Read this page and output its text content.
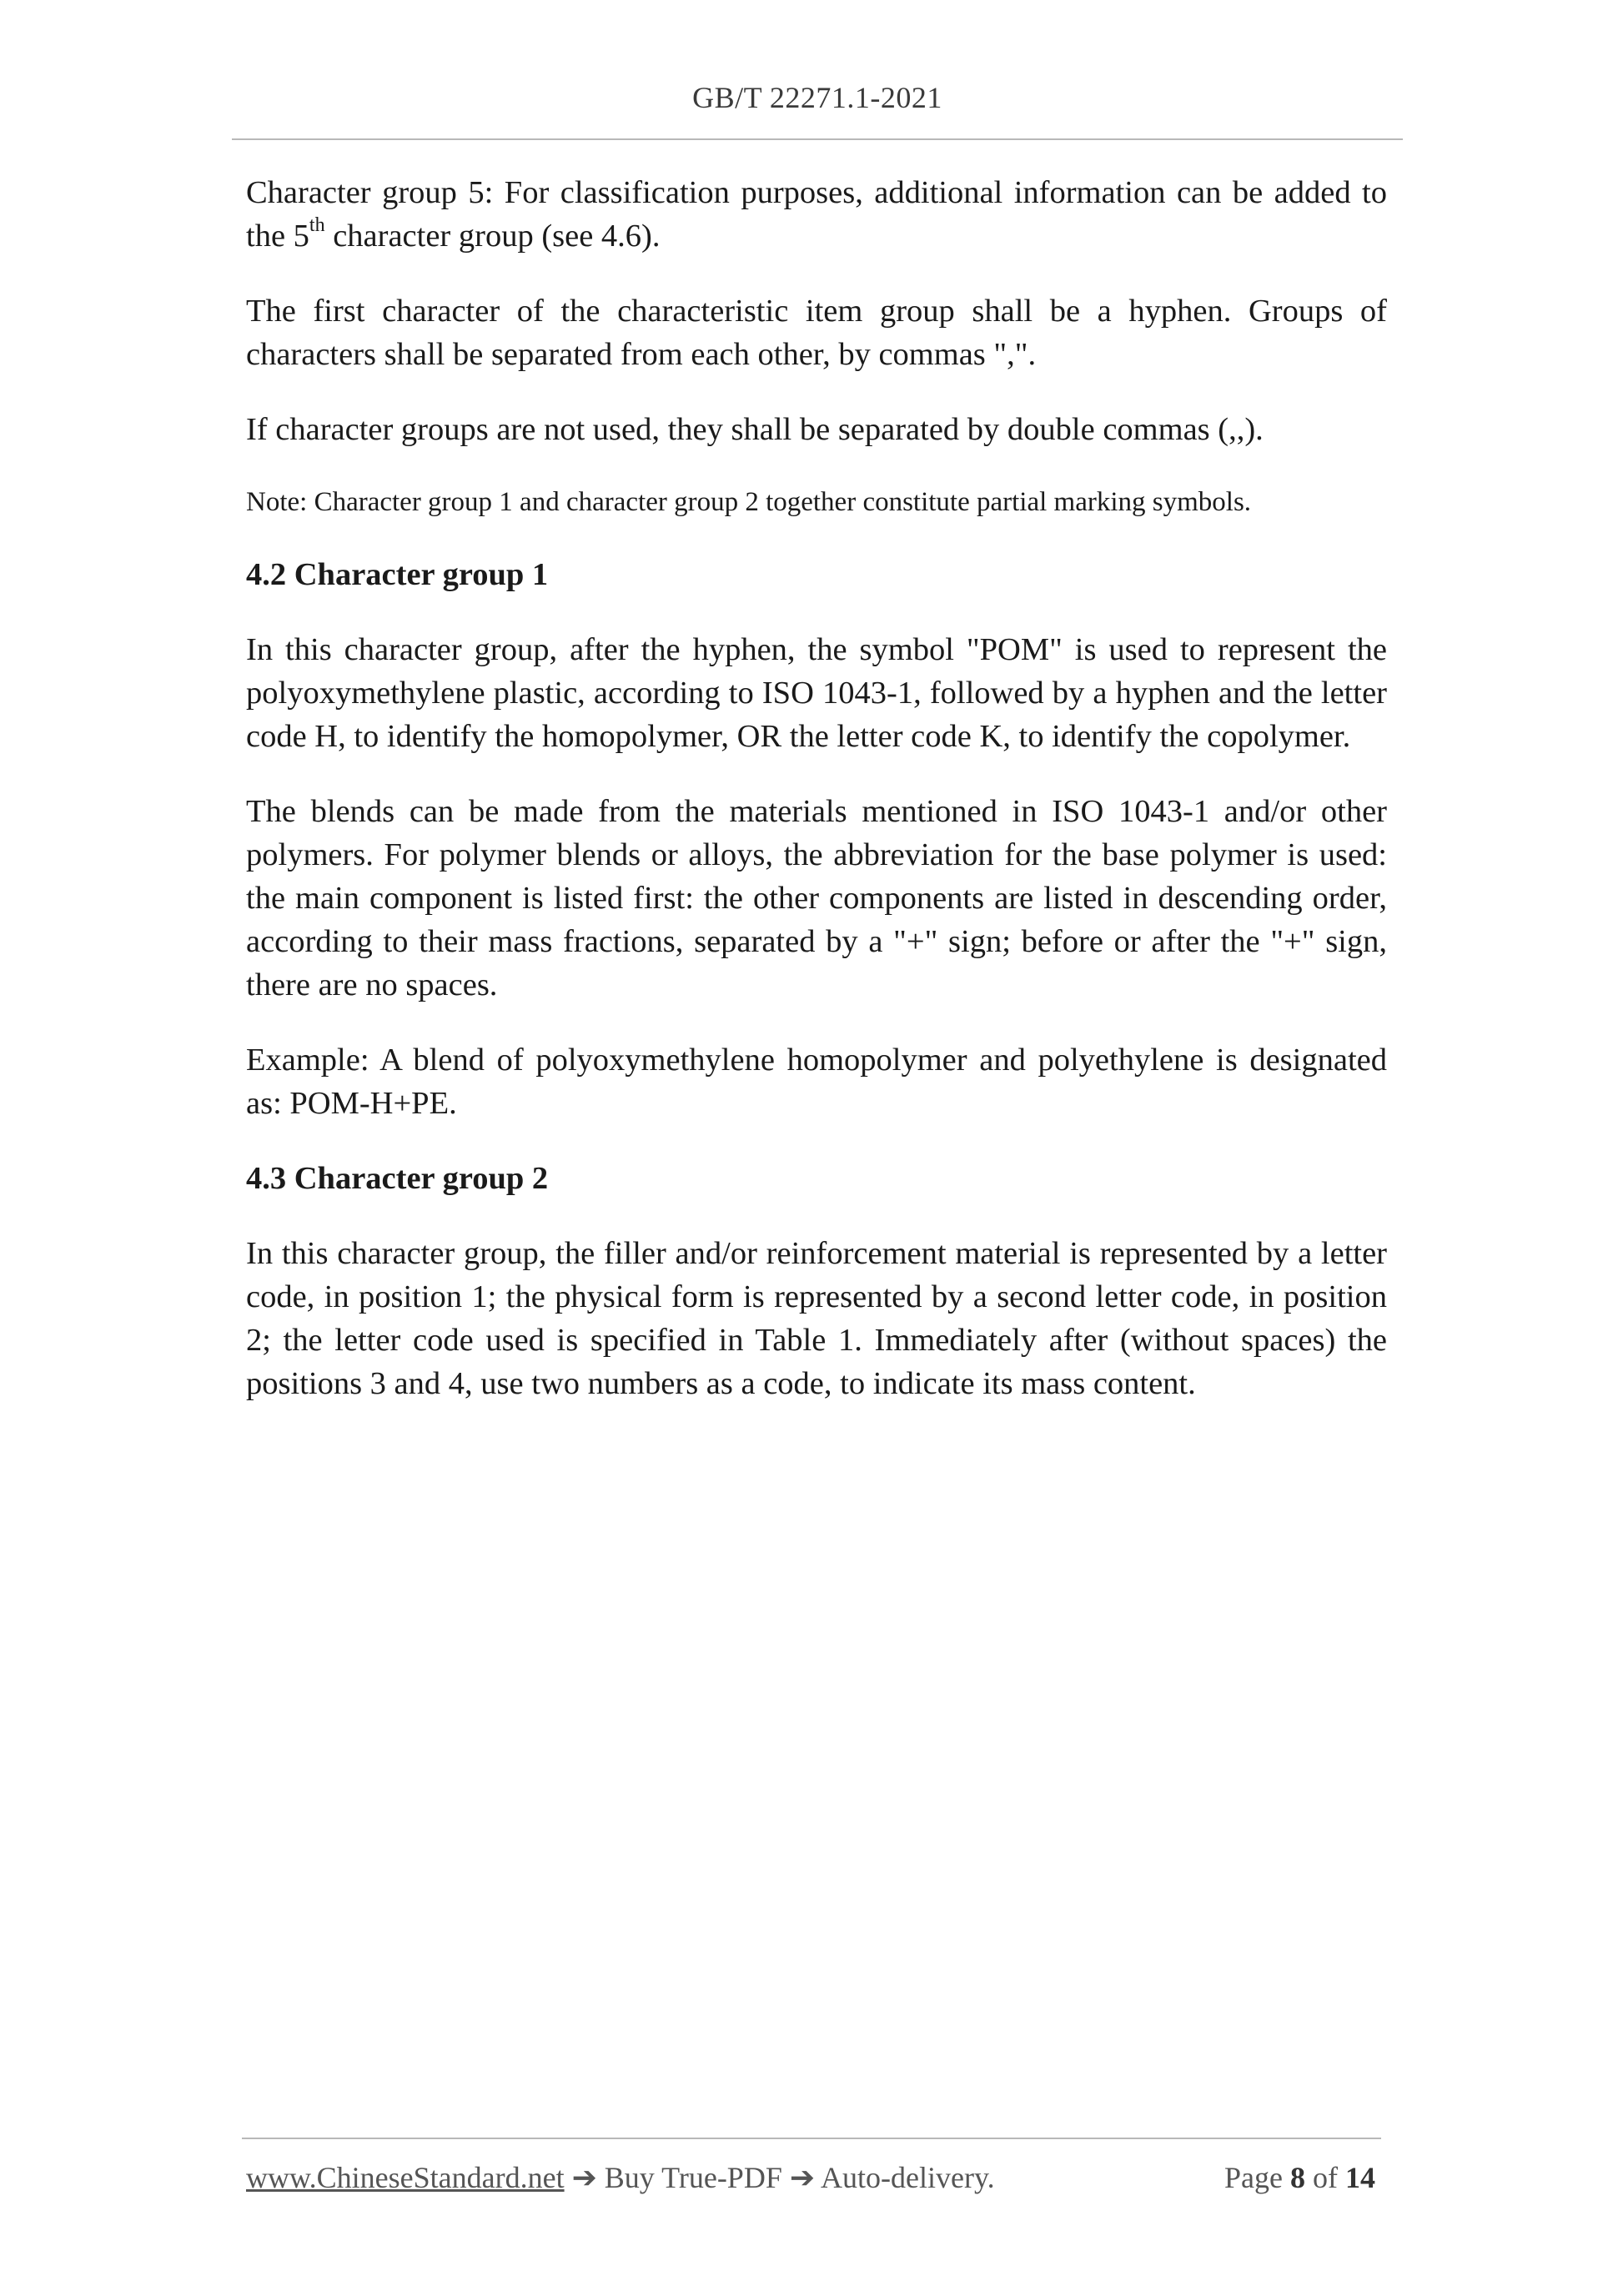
GB/T 22271.1-2021

Character group 5: For classification purposes, additional information can be added to the 5th character group (see 4.6).

The first character of the characteristic item group shall be a hyphen. Groups of characters shall be separated from each other, by commas ",".

If character groups are not used, they shall be separated by double commas (,,).

Note: Character group 1 and character group 2 together constitute partial marking symbols.

4.2 Character group 1

In this character group, after the hyphen, the symbol "POM" is used to represent the polyoxymethylene plastic, according to ISO 1043-1, followed by a hyphen and the letter code H, to identify the homopolymer, OR the letter code K, to identify the copolymer.

The blends can be made from the materials mentioned in ISO 1043-1 and/or other polymers. For polymer blends or alloys, the abbreviation for the base polymer is used: the main component is listed first: the other components are listed in descending order, according to their mass fractions, separated by a "+" sign; before or after the "+" sign, there are no spaces.

Example: A blend of polyoxymethylene homopolymer and polyethylene is designated as: POM-H+PE.

4.3 Character group 2

In this character group, the filler and/or reinforcement material is represented by a letter code, in position 1; the physical form is represented by a second letter code, in position 2; the letter code used is specified in Table 1. Immediately after (without spaces) the positions 3 and 4, use two numbers as a code, to indicate its mass content.

www.ChineseStandard.net ➔ Buy True-PDF ➔ Auto-delivery.	Page 8 of 14
